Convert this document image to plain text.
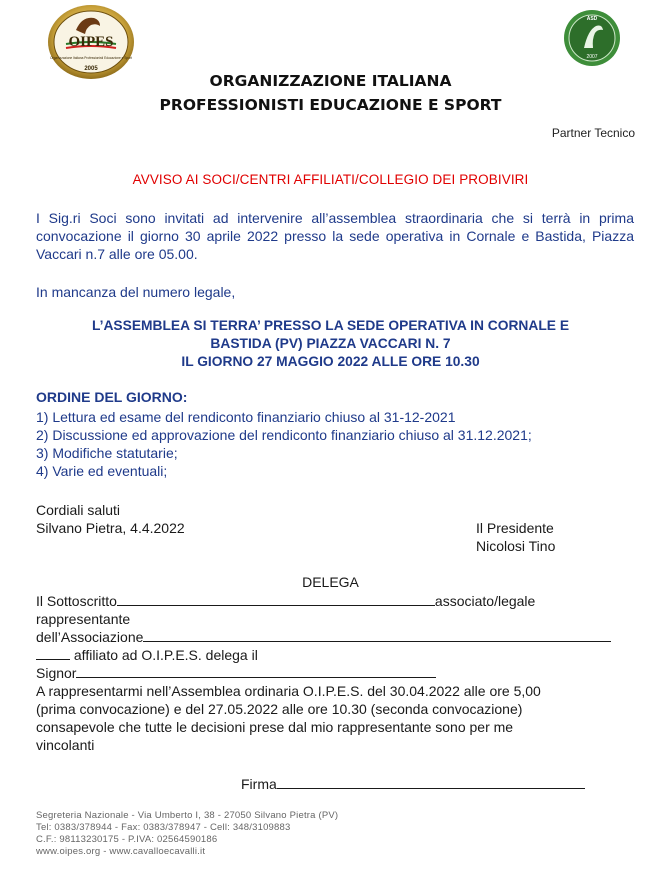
OIPES
Organizzazione Italiana Professionisti Educazione e Sport
2005
ASD
2007
ORGANIZZAZIONE ITALIANA
PROFESSIONISTI EDUCAZIONE E SPORT
Partner Tecnico
AVVISO AI SOCI/CENTRI AFFILIATI/COLLEGIO DEI PROBIVIRI
I Sig.ri Soci sono invitati ad intervenire all’assemblea straordinaria che si terrà in prima convocazione il giorno 30 aprile 2022 presso la sede operativa in Cornale e Bastida, Piazza Vaccari n.7 alle ore 05.00.
In mancanza del numero legale,
L’ASSEMBLEA SI TERRA’ PRESSO LA SEDE OPERATIVA IN CORNALE E
BASTIDA (PV) PIAZZA VACCARI N. 7
IL GIORNO 27 MAGGIO 2022 ALLE ORE 10.30
ORDINE DEL GIORNO:
1) Lettura ed esame del rendiconto finanziario chiuso al 31-12-2021
2) Discussione ed approvazione del rendiconto finanziario chiuso al 31.12.2021;
3) Modifiche statutarie;
4) Varie ed eventuali;
Cordiali saluti
Silvano Pietra, 4.4.2022	Il Presidente
Nicolosi Tino
DELEGA
Il Sottoscritto	associato/legale
rappresentante
dell’Associazione
affiliato ad O.I.P.E.S. delega il
Signor
A rappresentarmi nell’Assemblea ordinaria O.I.P.E.S. del 30.04.2022 alle ore 5,00
(prima convocazione) e del 27.05.2022 alle ore 10.30 (seconda convocazione)
consapevole che tutte le decisioni prese dal mio rappresentante sono per me
vincolanti
Firma
Segreteria Nazionale - Via Umberto I, 38 - 27050 Silvano Pietra (PV)
Tel: 0383/378944 - Fax: 0383/378947 - Cell: 348/3109883
C.F.: 98113230175 - P.IVA: 02564590186
www.oipes.org - www.cavalloecavalli.it
